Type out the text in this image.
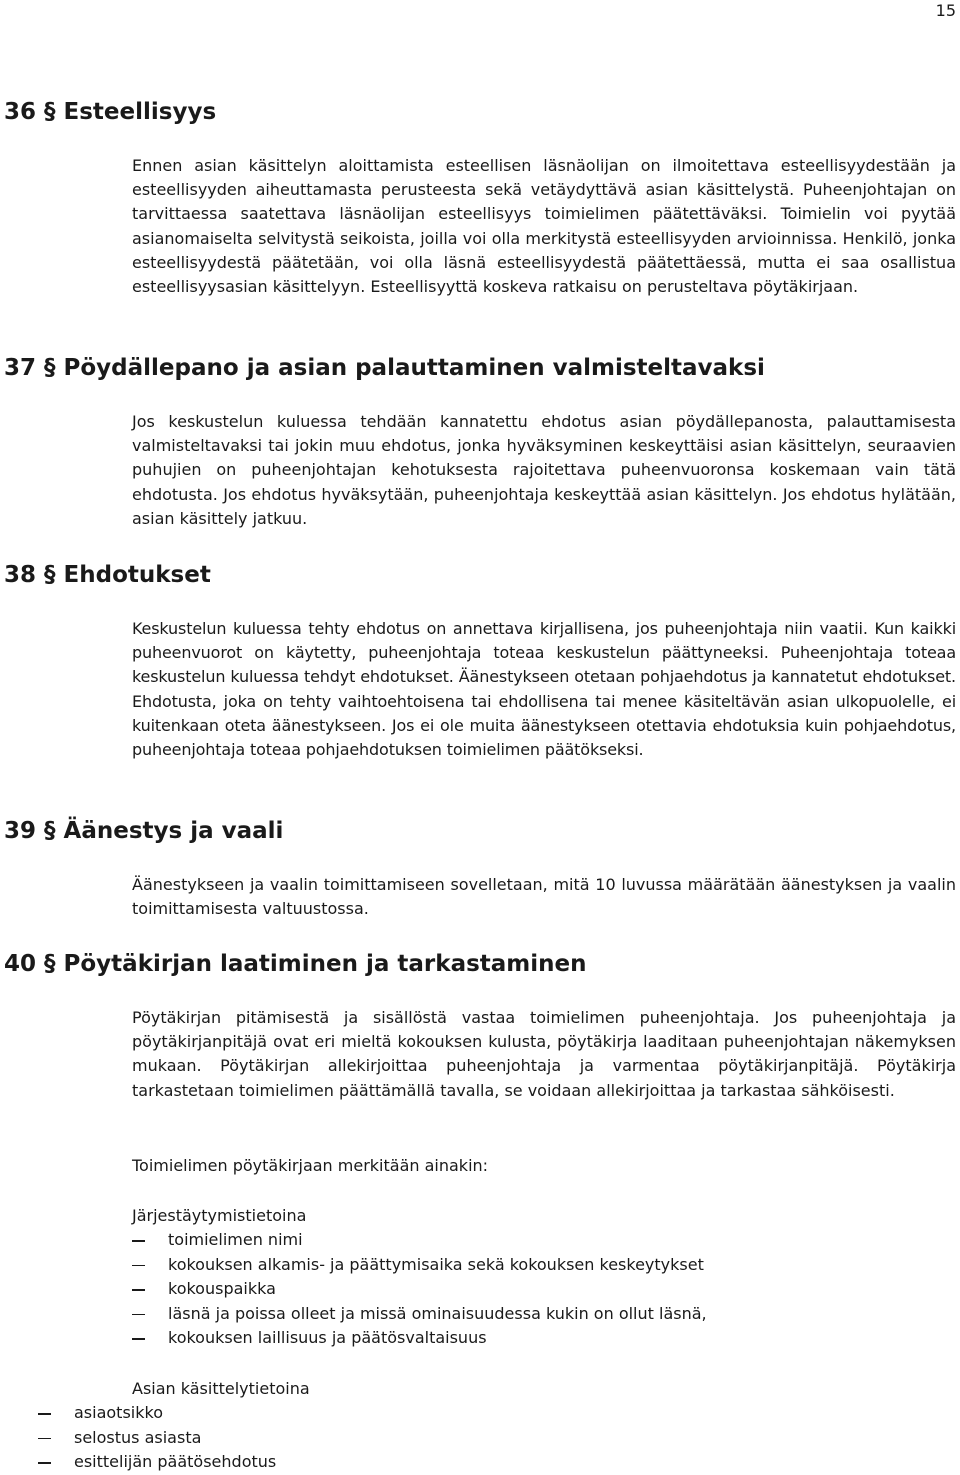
15
36 § Esteellisyys

Ennen asian käsittelyn aloittamista esteellisen läsnäolijan on ilmoitettava esteellisyydestään ja esteellisyyden aiheuttamasta perusteesta sekä vetäydyttävä asian käsittelystä. Puheenjohtajan on tarvittaessa saatettava läsnäolijan esteellisyys toimielimen päätettäväksi. Toimielin voi pyytää asianomaiselta selvitystä seikoista, joilla voi olla merkitystä esteellisyyden arvioinnissa. Henkilö, jonka esteellisyydestä päätetään, voi olla läsnä esteellisyydestä päätettäessä, mutta ei saa osallistua esteellisyysasian käsittelyyn. Esteellisyyttä koskeva ratkaisu on perusteltava pöytäkirjaan.

37 § Pöydällepano ja asian palauttaminen valmisteltavaksi

Jos keskustelun kuluessa tehdään kannatettu ehdotus asian pöydällepanosta, palauttamisesta valmisteltavaksi tai jokin muu ehdotus, jonka hyväksyminen keskeyttäisi asian käsittelyn, seuraavien puhujien on puheenjohtajan kehotuksesta rajoitettava puheenvuoronsa koskemaan vain tätä ehdotusta. Jos ehdotus hyväksytään, puheenjohtaja keskeyttää asian käsittelyn. Jos ehdotus hylätään, asian käsittely jatkuu.

38 § Ehdotukset

Keskustelun kuluessa tehty ehdotus on annettava kirjallisena, jos puheenjohtaja niin vaatii. Kun kaikki puheenvuorot on käytetty, puheenjohtaja toteaa keskustelun päättyneeksi. Puheenjohtaja toteaa keskustelun kuluessa tehdyt ehdotukset. Äänestykseen otetaan pohjaehdotus ja kannatetut ehdotukset. Ehdotusta, joka on tehty vaihtoehtoisena tai ehdollisena tai menee käsiteltävän asian ulkopuolelle, ei kuitenkaan oteta äänestykseen. Jos ei ole muita äänestykseen otettavia ehdotuksia kuin pohjaehdotus, puheenjohtaja toteaa pohjaehdotuksen toimielimen päätökseksi.

39 § Äänestys ja vaali

Äänestykseen ja vaalin toimittamiseen sovelletaan, mitä 10 luvussa määrätään äänestyksen ja vaalin toimittamisesta valtuustossa.

40 § Pöytäkirjan laatiminen ja tarkastaminen

Pöytäkirjan pitämisestä ja sisällöstä vastaa toimielimen puheenjohtaja. Jos puheenjohtaja ja pöytäkirjanpitäjä ovat eri mieltä kokouksen kulusta, pöytäkirja laaditaan puheenjohtajan näkemyksen mukaan. Pöytäkirjan allekirjoittaa puheenjohtaja ja varmentaa pöytäkirjanpitäjä. Pöytäkirja tarkastetaan toimielimen päättämällä tavalla, se voidaan allekirjoittaa ja tarkastaa sähköisesti.

Toimielimen pöytäkirjaan merkitään ainakin:

Järjestäytymistietoina

toimielimen nimi
kokouksen alkamis- ja päättymisaika sekä kokouksen keskeytykset
kokouspaikka
läsnä ja poissa olleet ja missä ominaisuudessa kukin on ollut läsnä,
kokouksen laillisuus ja päätösvaltaisuus

Asian käsittelytietoina

asiaotsikko
selostus asiasta
esittelijän päätösehdotus
